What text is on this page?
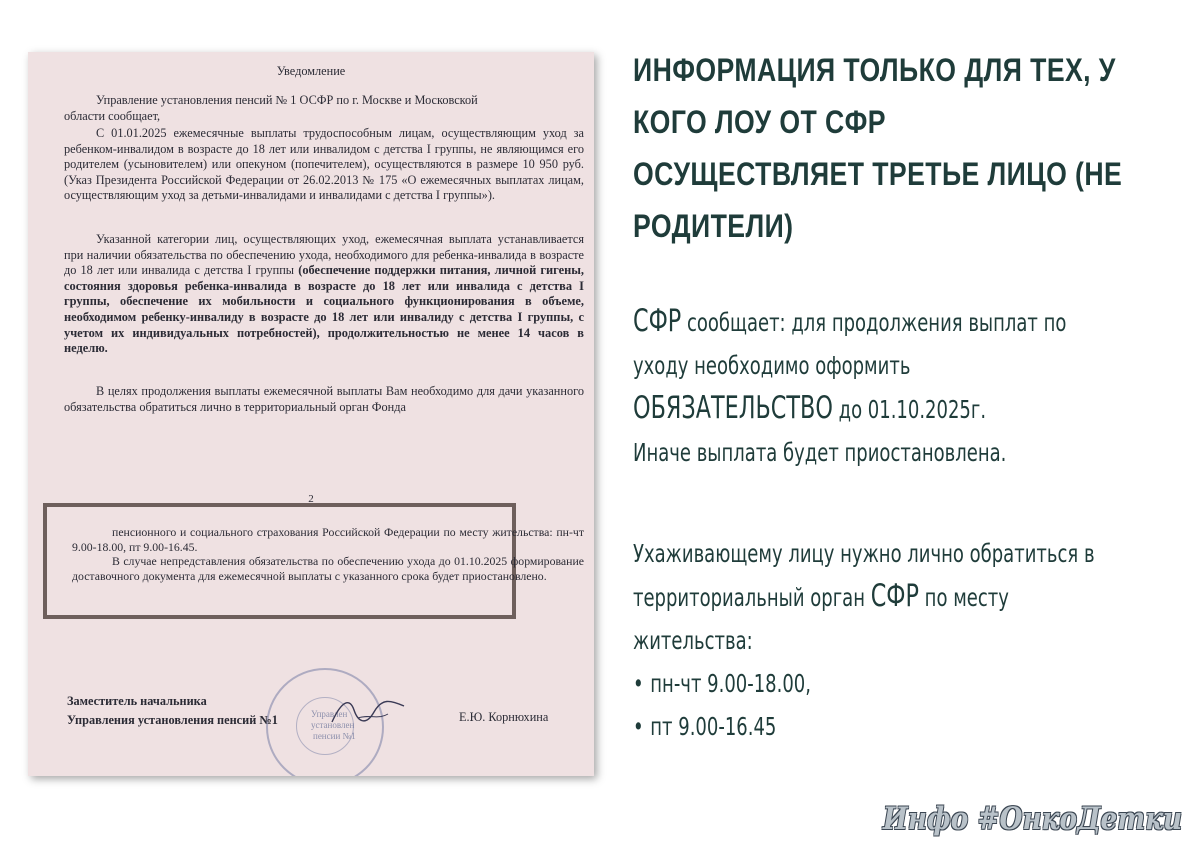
Уведомление

Управление установления пенсий № 1 ОСФР по г. Москве и Московской

области сообщает,

С 01.01.2025 ежемесячные выплаты трудоспособным лицам, осуществляющим уход за ребенком-инвалидом в возрасте до 18 лет или инвалидом с детства I группы, не являющимся его родителем (усыновителем) или опекуном (попечителем), осуществляются в размере 10 950 руб. (Указ Президента Российской Федерации от 26.02.2013 № 175 «О ежемесячных выплатах лицам, осуществляющим уход за детьми-инвалидами и инвалидами с детства I группы»).

Указанной категории лиц, осуществляющих уход, ежемесячная выплата устанавливается при наличии обязательства по обеспечению ухода, необходимого для ребенка-инвалида в возрасте до 18 лет или инвалида с детства I группы (обеспечение поддержки питания, личной гигены, состояния здоровья ребенка-инвалида в возрасте до 18 лет или инвалида с детства I группы, обеспечение их мобильности и социального функционирования в объеме, необходимом ребенку-инвалиду в возрасте до 18 лет или инвалиду с детства I группы, с учетом их индивидуальных потребностей), продолжительностью не менее 14 часов в неделю.

В целях продолжения выплаты ежемесячной выплаты Вам необходимо для дачи указанного обязательства обратиться лично в территориальный орган Фонда

2

пенсионного и социального страхования Российской Федерации по месту жительства: пн-чт 9.00-18.00, пт 9.00-16.45.

В случае непредставления обязательства по обеспечению ухода до 01.10.2025 формирование доставочного документа для ежемесячной выплаты с указанного срока будет приостановлено.

Управлен
установлен
пенсии №1
Заместитель начальника
Управления установления пенсий №1	Е.Ю. Корнюхина
ИНФОРМАЦИЯ ТОЛЬКО ДЛЯ ТЕХ, У
КОГО ЛОУ ОТ СФР
ОСУЩЕСТВЛЯЕТ ТРЕТЬЕ ЛИЦО (НЕ
РОДИТЕЛИ)

СФР сообщает: для продолжения выплат по

уходу необходимо оформить

ОБЯЗАТЕЛЬСТВО до 01.10.2025г.

Иначе выплата будет приостановлена.

Ухаживающему лицу нужно лично обратиться в

территориальный орган СФР по месту

жительства:

• пн-чт 9.00-18.00,
• пт 9.00-16.45
Инфо #ОнкоДетки
